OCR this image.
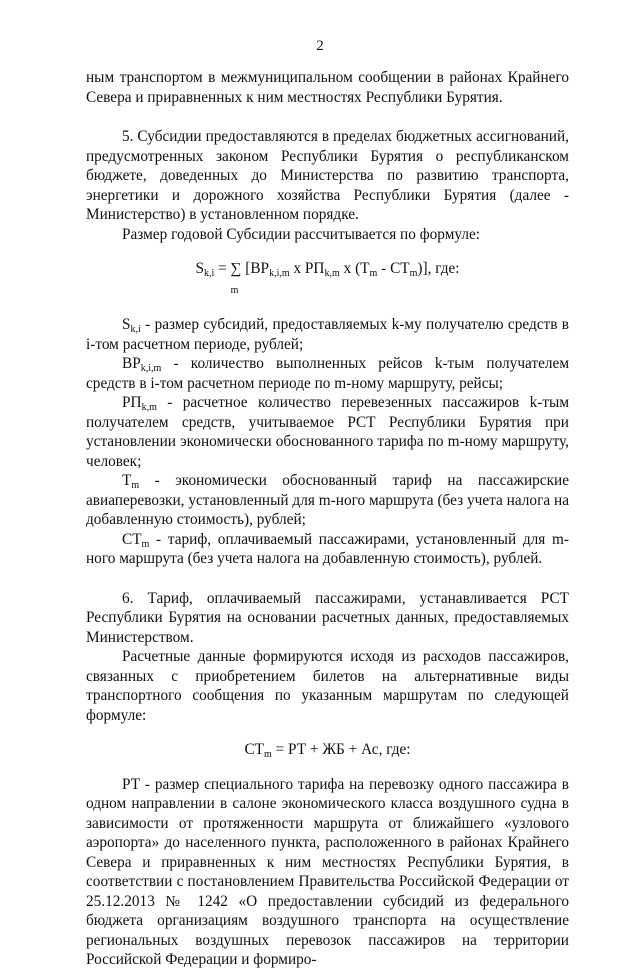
2

ным транспортом в межмуниципальном сообщении в районах Крайнего Севера и приравненных к ним местностях Республики Бурятия.

5. Субсидии предоставляются в пределах бюджетных ассигнований, предусмотренных законом Республики Бурятия о республиканском бюджете, доведенных до Министерства по развитию транспорта, энергетики и дорожного хозяйства Республики Бурятия (далее - Министерство) в установленном порядке.

Размер годовой Субсидии рассчитывается по формуле:

$S_{k,i}$ = ∑ [$ВР_{k,i,m}$ x $РП_{k,m}$ x $(T_m - СТ_m)$], где:
m

$S_{k,i}$ - размер субсидий, предоставляемых k-му получателю средств в i-том расчетном периоде, рублей;

$ВР_{k,i,m}$ - количество выполненных рейсов k-тым получателем средств в i-том расчетном периоде по m-ному маршруту, рейсы;

$РП_{k,m}$ - расчетное количество перевезенных пассажиров k-тым получателем средств, учитываемое РСТ Республики Бурятия при установлении экономически обоснованного тарифа по m-ному маршруту, человек;

$T_m$ - экономически обоснованный тариф на пассажирские авиаперевозки, установленный для m-ного маршрута (без учета налога на добавленную стоимость), рублей;

$СТ_m$ - тариф, оплачиваемый пассажирами, установленный для m-ного маршрута (без учета налога на добавленную стоимость), рублей.

6. Тариф, оплачиваемый пассажирами, устанавливается РСТ Республики Бурятия на основании расчетных данных, предоставляемых Министерством.

Расчетные данные формируются исходя из расходов пассажиров, связанных с приобретением билетов на альтернативные виды транспортного сообщения по указанным маршрутам по следующей формуле:

$СТ_m$ = РТ + ЖБ + Ас, где:

РТ - размер специального тарифа на перевозку одного пассажира в одном направлении в салоне экономического класса воздушного судна в зависимости от протяженности маршрута от ближайшего «узлового аэропорта» до населенного пункта, расположенного в районах Крайнего Севера и приравненных к ним местностях Республики Бурятия, в соответствии с постановлением Правительства Российской Федерации от 25.12.2013 № 1242 «О предоставлении субсидий из федерального бюджета организациям воздушного транспорта на осуществление региональных воздушных перевозок пассажиров на территории Российской Федерации и формиро-
